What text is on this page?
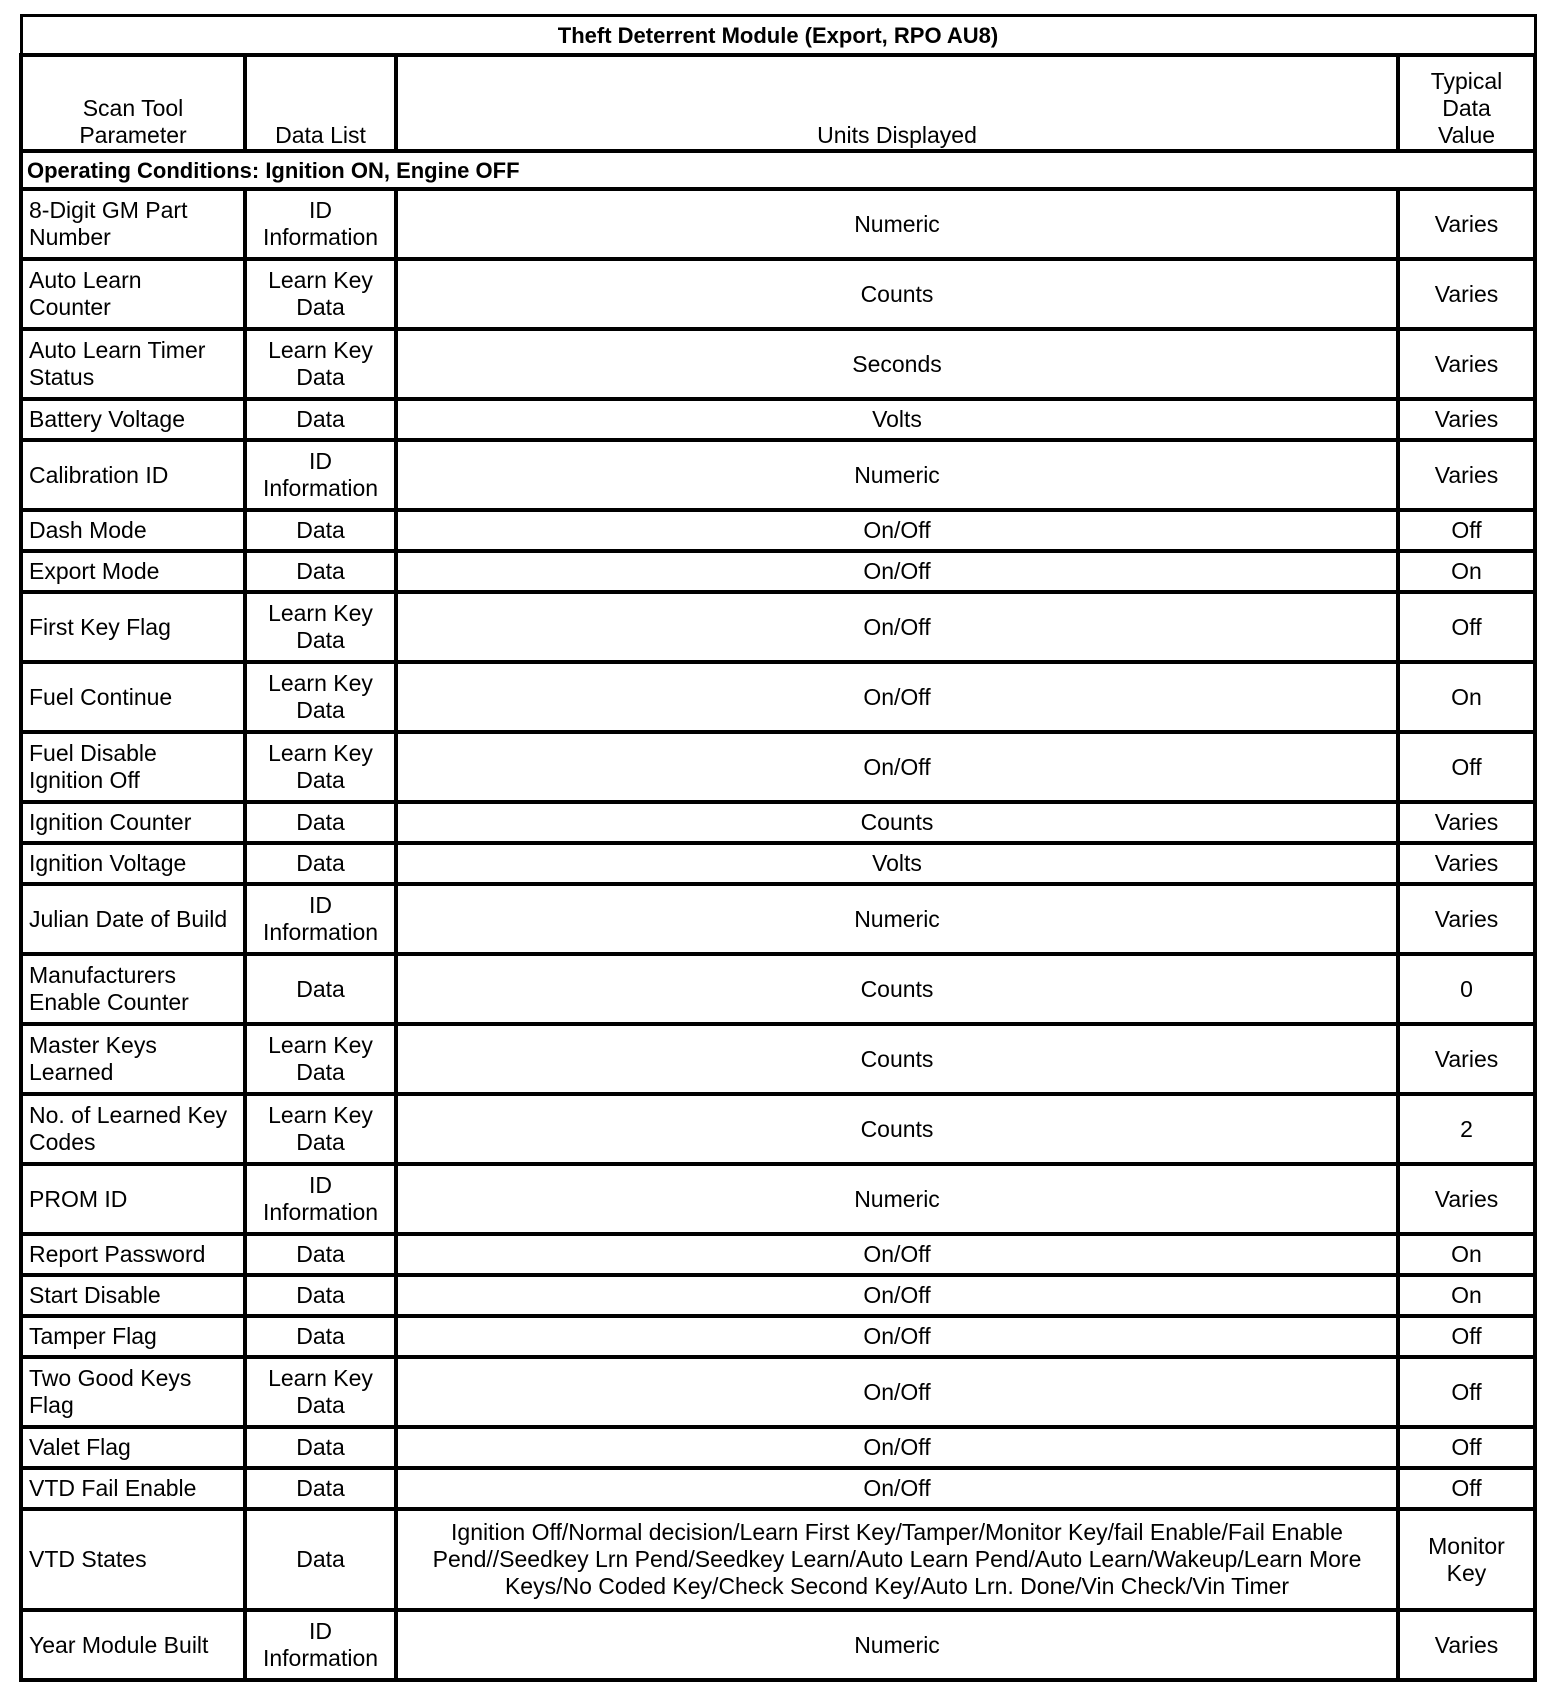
Theft Deterrent Module (Export, RPO AU8)			
Scan Tool Parameter	Data List	Units Displayed	Typical Data Value
Operating Conditions: Ignition ON, Engine OFF			
8-Digit GM Part Number	ID Information	Numeric	Varies
Auto Learn Counter	Learn Key Data	Counts	Varies
Auto Learn Timer Status	Learn Key Data	Seconds	Varies
Battery Voltage	Data	Volts	Varies
Calibration ID	ID Information	Numeric	Varies
Dash Mode	Data	On/Off	Off
Export Mode	Data	On/Off	On
First Key Flag	Learn Key Data	On/Off	Off
Fuel Continue	Learn Key Data	On/Off	On
Fuel Disable Ignition Off	Learn Key Data	On/Off	Off
Ignition Counter	Data	Counts	Varies
Ignition Voltage	Data	Volts	Varies
Julian Date of Build	ID Information	Numeric	Varies
Manufacturers Enable Counter	Data	Counts	0
Master Keys Learned	Learn Key Data	Counts	Varies
No. of Learned Key Codes	Learn Key Data	Counts	2
PROM ID	ID Information	Numeric	Varies
Report Password	Data	On/Off	On
Start Disable	Data	On/Off	On
Tamper Flag	Data	On/Off	Off
Two Good Keys Flag	Learn Key Data	On/Off	Off
Valet Flag	Data	On/Off	Off
VTD Fail Enable	Data	On/Off	Off
VTD States	Data	Ignition Off/Normal decision/Learn First Key/Tamper/Monitor Key/fail Enable/Fail Enable Pend//Seedkey Lrn Pend/Seedkey Learn/Auto Learn Pend/Auto Learn/Wakeup/Learn More Keys/No Coded Key/Check Second Key/Auto Lrn. Done/Vin Check/Vin Timer	Monitor Key
Year Module Built	ID Information	Numeric	Varies
